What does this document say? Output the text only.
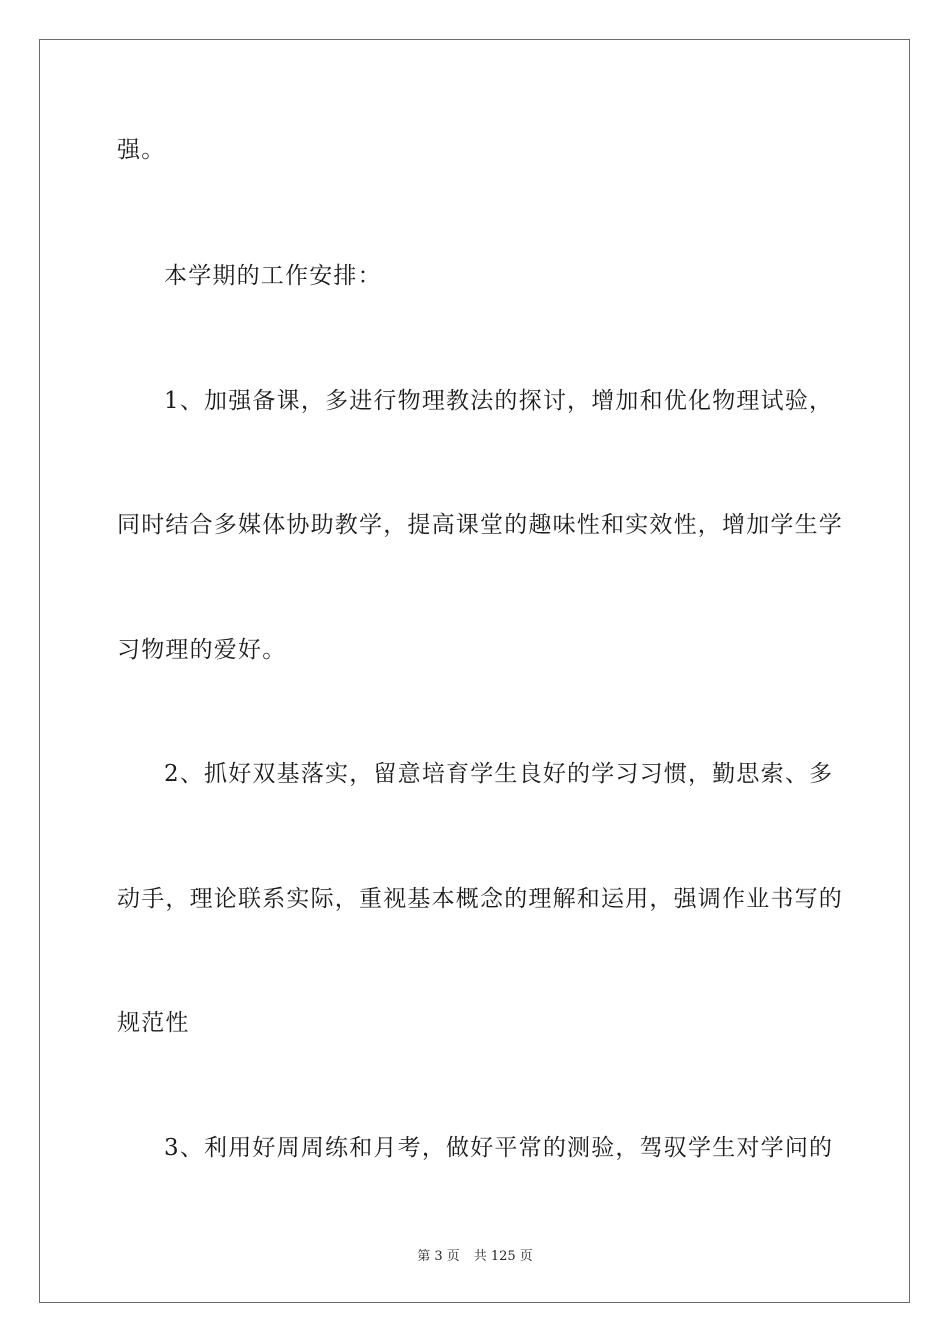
强。
本学期的工作安排：
1、加强备课，多进行物理教法的探讨，增加和优化物理试验，
同时结合多媒体协助教学，提高课堂的趣味性和实效性，增加学生学
习物理的爱好。
2、抓好双基落实，留意培育学生良好的学习习惯，勤思索、多
动手，理论联系实际，重视基本概念的理解和运用，强调作业书写的
规范性
3、利用好周周练和月考，做好平常的测验，驾驭学生对学问的
第 3 页 共 125 页
